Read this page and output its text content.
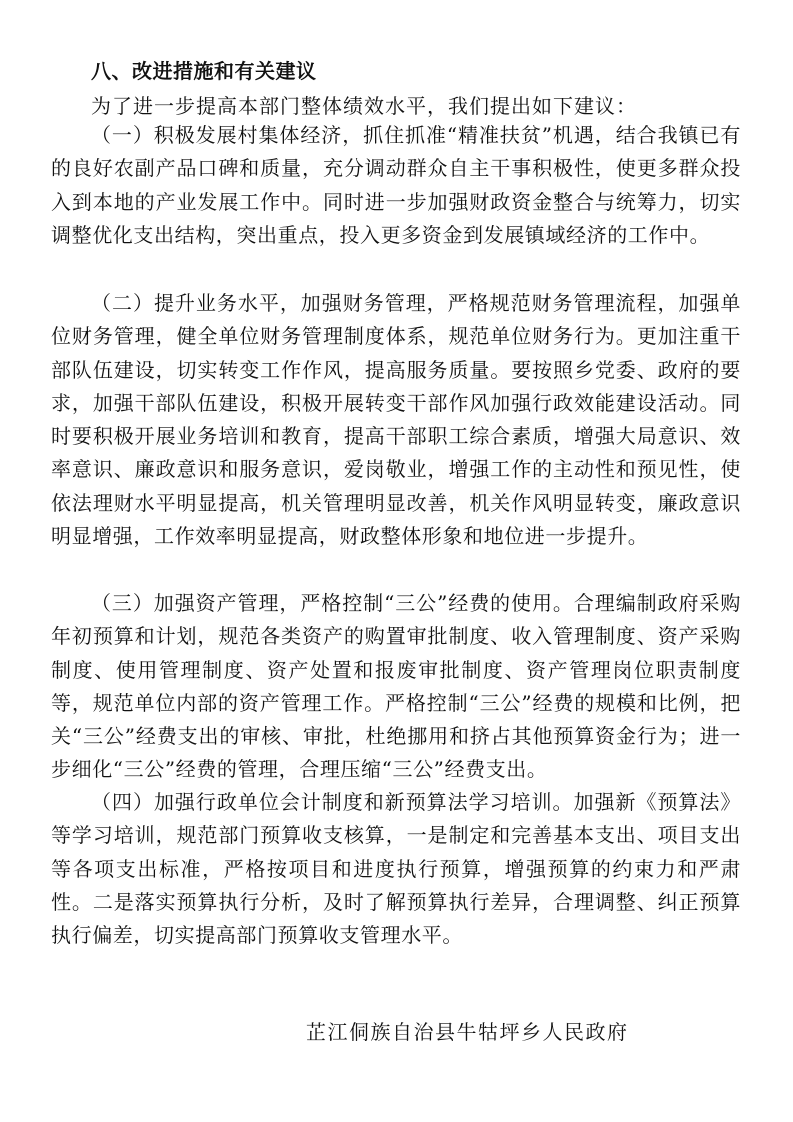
八、改进措施和有关建议
为了进一步提高本部门整体绩效水平，我们提出如下建议：

（一）积极发展村集体经济，抓住抓准“精准扶贫”机遇，结合我镇已有的良好农副产品口碑和质量，充分调动群众自主干事积极性，使更多群众投入到本地的产业发展工作中。同时进一步加强财政资金整合与统筹力，切实调整优化支出结构，突出重点，投入更多资金到发展镇域经济的工作中。

（二）提升业务水平，加强财务管理，严格规范财务管理流程，加强单位财务管理，健全单位财务管理制度体系，规范单位财务行为。更加注重干部队伍建设，切实转变工作作风，提高服务质量。要按照乡党委、政府的要求，加强干部队伍建设，积极开展转变干部作风加强行政效能建设活动。同时要积极开展业务培训和教育，提高干部职工综合素质，增强大局意识、效率意识、廉政意识和服务意识，爱岗敬业，增强工作的主动性和预见性，使依法理财水平明显提高，机关管理明显改善，机关作风明显转变，廉政意识明显增强，工作效率明显提高，财政整体形象和地位进一步提升。

（三）加强资产管理，严格控制“三公”经费的使用。合理编制政府采购年初预算和计划，规范各类资产的购置审批制度、收入管理制度、资产采购制度、使用管理制度、资产处置和报废审批制度、资产管理岗位职责制度等，规范单位内部的资产管理工作。严格控制“三公”经费的规模和比例，把关“三公”经费支出的审核、审批，杜绝挪用和挤占其他预算资金行为；进一步细化“三公”经费的管理，合理压缩“三公”经费支出。

（四）加强行政单位会计制度和新预算法学习培训。加强新《预算法》等学习培训，规范部门预算收支核算，一是制定和完善基本支出、项目支出等各项支出标准，严格按项目和进度执行预算，增强预算的约束力和严肃性。二是落实预算执行分析，及时了解预算执行差异，合理调整、纠正预算执行偏差，切实提高部门预算收支管理水平。

芷江侗族自治县牛牯坪乡人民政府
